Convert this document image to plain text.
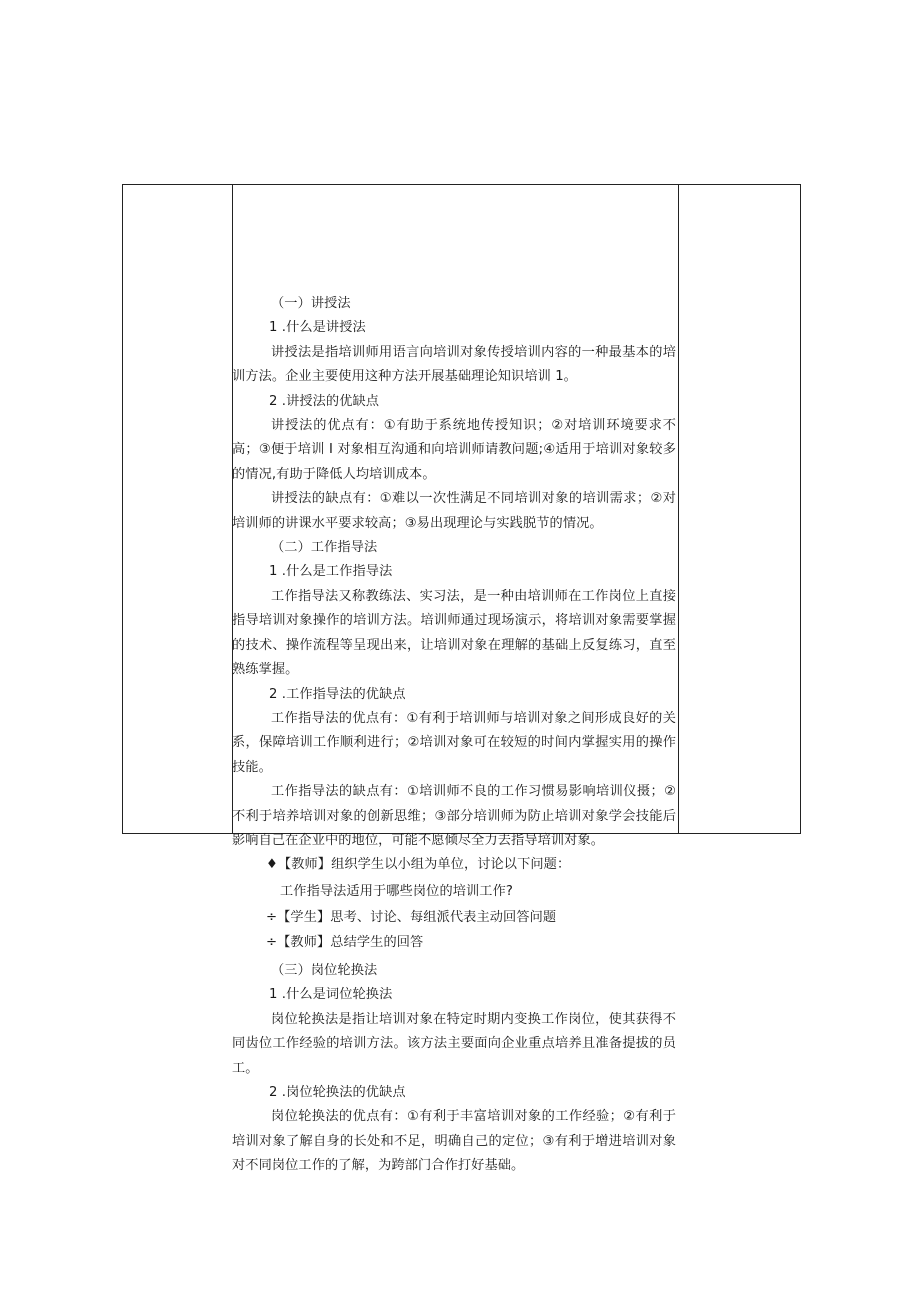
（一）讲授法

1 .什么是讲授法

讲授法是指培训师用语言向培训对象传授培训内容的一种最基本的培训方法。企业主要使用这种方法开展基础理论知识培训 1。

2 .讲授法的优缺点

讲授法的优点有：①有助于系统地传授知识；②对培训环境要求不高；③便于培训 I 对象相互沟通和向培训师请教问题;④适用于培训对象较多的情况,有助于降低人均培训成本。

讲授法的缺点有：①难以一次性满足不同培训对象的培训需求；②对培训师的讲课水平要求较高；③易出现理论与实践脱节的情况。

（二）工作指导法

1 .什么是工作指导法

工作指导法又称教练法、实习法，是一种由培训师在工作岗位上直接指导培训对象操作的培训方法。培训师通过现场演示，将培训对象需要掌握的技术、操作流程等呈现出来，让培训对象在理解的基础上反复练习，直至熟练掌握。

2 .工作指导法的优缺点

工作指导法的优点有：①有利于培训师与培训对象之间形成良好的关系，保障培训工作顺利进行；②培训对象可在较短的时间内掌握实用的操作技能。

工作指导法的缺点有：①培训师不良的工作习惯易影响培训仪摄；②不利于培养培训对象的创新思维；③部分培训师为防止培训对象学会技能后影响自己在企业中的地位，可能不愿倾尽全力去指导培训对象。

♦【教师】组织学生以小组为单位，讨论以下问题：

工作指导法适用于哪些岗位的培训工作?

÷【学生】思考、讨论、每组派代表主动回答问题

÷【教师】总结学生的回答

（三）岗位轮换法

1 .什么是词位轮换法

岗位轮换法是指让培训对象在特定时期内变换工作岗位，使其获得不同齿位工作经验的培训方法。该方法主要面向企业重点培养且准备提拔的员工。

2 .岗位轮换法的优缺点

岗位轮换法的优点有：①有利于丰富培训对象的工作经验；②有利于培训对象了解自身的长处和不足，明确自己的定位；③有利于增进培训对象对不同岗位工作的了解，为跨部门合作打好基础。
